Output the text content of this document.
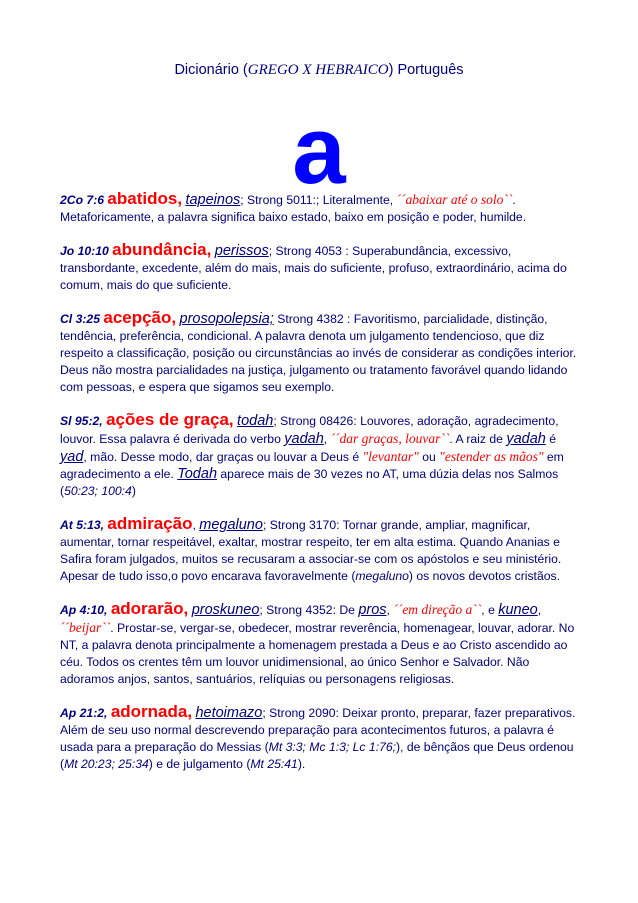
Dicionário (GREGO X HEBRAICO) Português
a
2Co 7:6 abatidos, tapeinos; Strong 5011:; Literalmente, ´´abaixar até o solo``. Metaforicamente, a palavra significa baixo estado, baixo em posição e poder, humilde.
Jo 10:10 abundância, perissos; Strong 4053 : Superabundância, excessivo, transbordante, excedente, além do mais, mais do suficiente, profuso, extraordinário, acima do comum, mais do que suficiente.
Cl 3:25 acepção, prosopolepsia; Strong 4382 : Favoritismo, parcialidade, distinção, tendência, preferência, condicional. A palavra denota um julgamento tendencioso, que diz respeito a classificação, posição ou circunstâncias ao invés de considerar as condições interior. Deus não mostra parcialidades na justiça, julgamento ou tratamento favorável quando lidando com pessoas, e espera que sigamos seu exemplo.
Sl 95:2, ações de graça, todah; Strong 08426: Louvores, adoração, agradecimento, louvor. Essa palavra é derivada do verbo yadah, ´´dar graças, louvar``. A raiz de yadah é yad, mão. Desse modo, dar graças ou louvar a Deus é "levantar" ou "estender as mãos" em agradecimento a ele. Todah aparece mais de 30 vezes no AT, uma dúzia delas nos Salmos (50:23; 100:4)
At 5:13, admiração, megaluno; Strong 3170: Tornar grande, ampliar, magnificar, aumentar, tornar respeitável, exaltar, mostrar respeito, ter em alta estima. Quando Ananias e Safira foram julgados, muitos se recusaram a associar-se com os apóstolos e seu ministério. Apesar de tudo isso,o povo encarava favoravelmente (megaluno) os novos devotos cristãos.
Ap 4:10, adorarão, proskuneo; Strong 4352: De pros, ´´em direção a``, e kuneo, ´´beijar``. Prostar-se, vergar-se, obedecer, mostrar reverência, homenagear, louvar, adorar. No NT, a palavra denota principalmente a homenagem prestada a Deus e ao Cristo ascendido ao céu. Todos os crentes têm um louvor unidimensional, ao único Senhor e Salvador. Não adoramos anjos, santos, santuários, relíquias ou personagens religiosas.
Ap 21:2, adornada, hetoimazo; Strong 2090: Deixar pronto, preparar, fazer preparativos. Além de seu uso normal descrevendo preparação para acontecimentos futuros, a palavra é usada para a preparação do Messias (Mt 3:3; Mc 1:3; Lc 1:76;), de bênçãos que Deus ordenou (Mt 20:23; 25:34) e de julgamento (Mt 25:41).
